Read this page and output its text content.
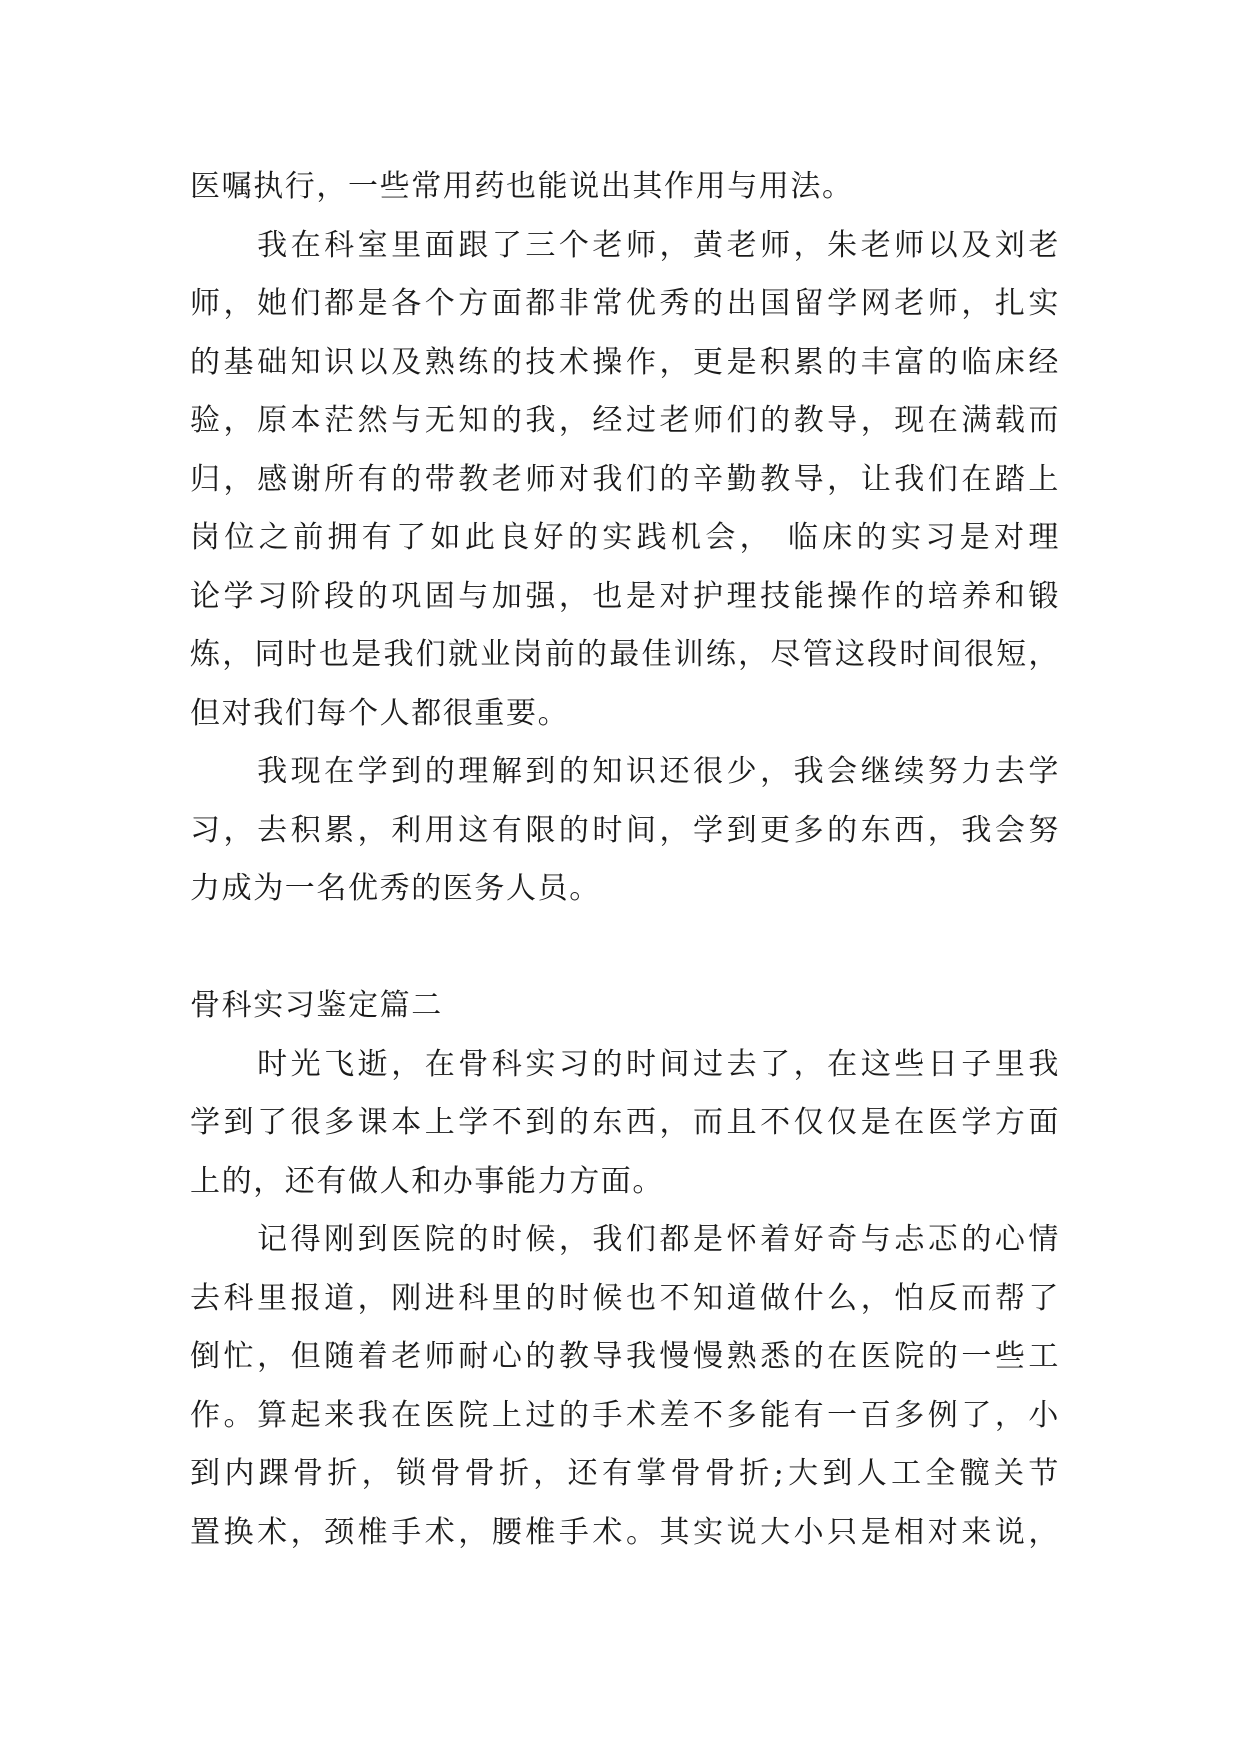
医嘱执行，一些常用药也能说出其作用与用法。
　　我在科室里面跟了三个老师，黄老师，朱老师以及刘老
师，她们都是各个方面都非常优秀的出国留学网老师，扎实
的基础知识以及熟练的技术操作，更是积累的丰富的临床经
验，原本茫然与无知的我，经过老师们的教导，现在满载而
归，感谢所有的带教老师对我们的辛勤教导，让我们在踏上
岗位之前拥有了如此良好的实践机会， 临床的实习是对理
论学习阶段的巩固与加强，也是对护理技能操作的培养和锻
炼，同时也是我们就业岗前的最佳训练，尽管这段时间很短，
但对我们每个人都很重要。
　　我现在学到的理解到的知识还很少，我会继续努力去学
习，去积累，利用这有限的时间，学到更多的东西，我会努
力成为一名优秀的医务人员。
骨科实习鉴定篇二
　　时光飞逝，在骨科实习的时间过去了，在这些日子里我
学到了很多课本上学不到的东西，而且不仅仅是在医学方面
上的，还有做人和办事能力方面。
　　记得刚到医院的时候，我们都是怀着好奇与忐忑的心情
去科里报道，刚进科里的时候也不知道做什么，怕反而帮了
倒忙，但随着老师耐心的教导我慢慢熟悉的在医院的一些工
作。算起来我在医院上过的手术差不多能有一百多例了，小
到内踝骨折，锁骨骨折，还有掌骨骨折;大到人工全髋关节
置换术，颈椎手术，腰椎手术。其实说大小只是相对来说，
